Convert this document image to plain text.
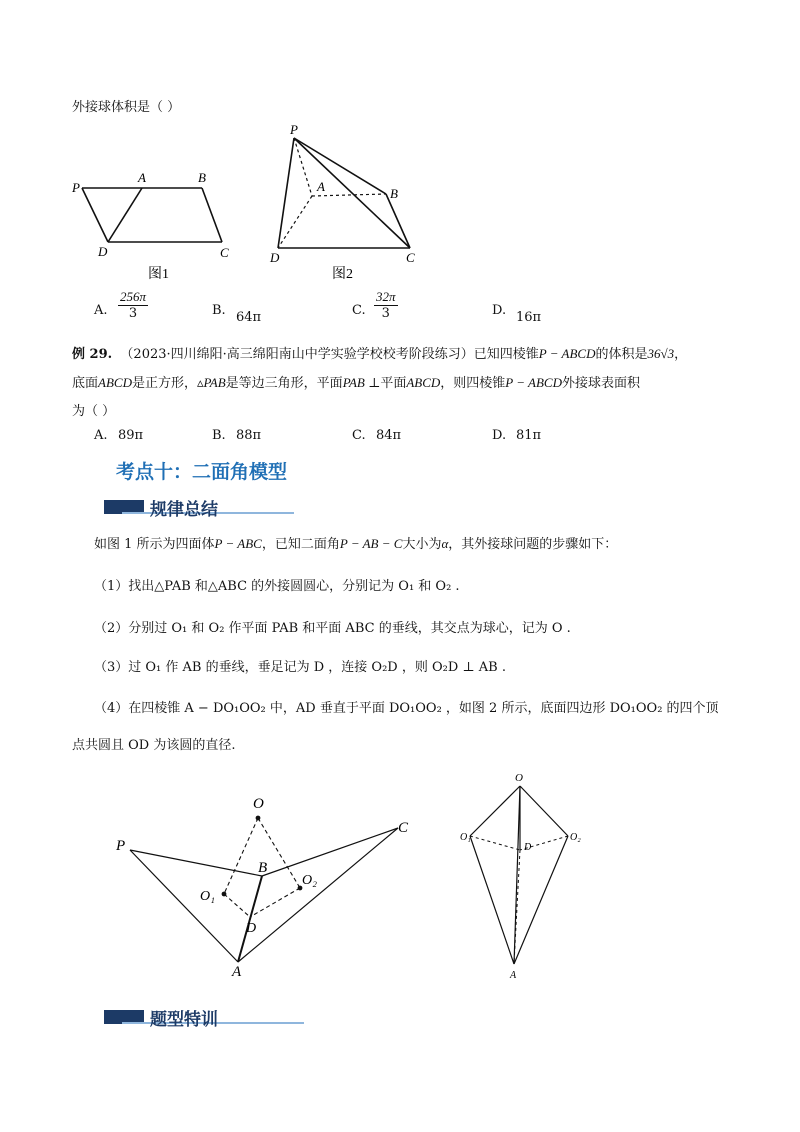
外接球体积是（ ）
P
A	B
D	C
图1
P
A	B
D	C
图2
A. $\frac{256\pi}{3}$	B. 64π	C. $\frac{32\pi}{3}$	D. 16π
例 29. （2023·四川绵阳·高三绵阳南山中学实验学校校考阶段练习）已知四棱锥P − ABCD的体积是36√3，
底面ABCD是正方形，▵PAB是等边三角形，平面PAB ⊥平面ABCD，则四棱锥P − ABCD外接球表面积
为（ ）
A. 89π	B. 88π	C. 84π	D. 81π
考点十：二面角模型
规律总结
如图 1 所示为四面体P − ABC，已知二面角P − AB − C大小为α，其外接球问题的步骤如下：
（1）找出△PAB 和△ABC 的外接圆圆心，分别记为 O₁ 和 O₂ .
（2）分别过 O₁ 和 O₂ 作平面 PAB 和平面 ABC 的垂线，其交点为球心，记为 O .
（3）过 O₁ 作 AB 的垂线，垂足记为 D ，连接 O₂D ，则 O₂D ⊥ AB .
（4）在四棱锥 A − DO₁OO₂ 中，AD 垂直于平面 DO₁OO₂ ，如图 2 所示，底面四边形 DO₁OO₂ 的四个顶
点共圆且 OD 为该圆的直径.
P
O
B
C
O₁
O₂
D
A
O
O₁	O₂
D
A
题型特训
